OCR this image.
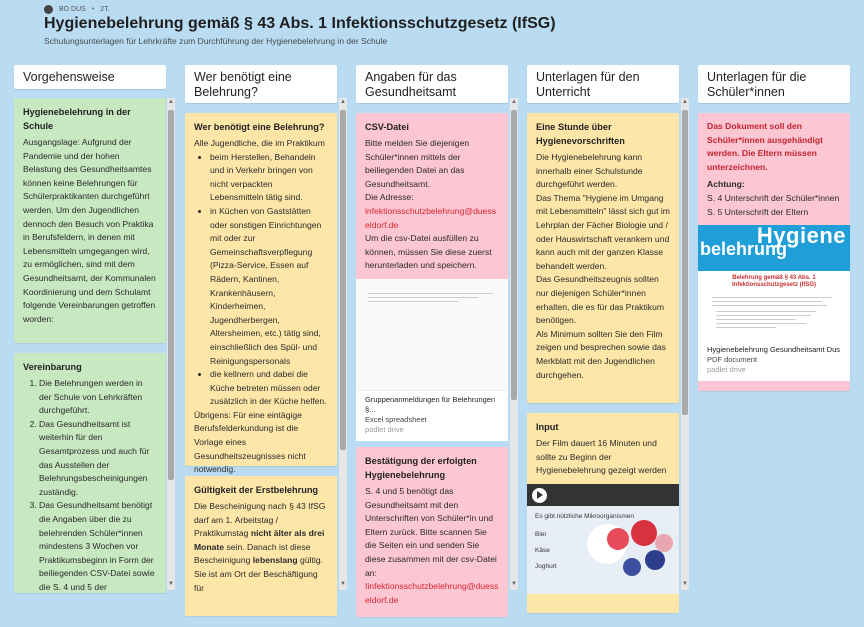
BO DUS • 2T.
Hygienebelehrung gemäß § 43 Abs. 1 Infektionsschutzgesetz (IfSG)
Schulungsunterlagen für Lehrkräfte zum Durchführung der Hygienebelehrung in der Schule
Vorgehensweise
Hygienebelehrung in der Schule

Ausgangslage: Aufgrund der Pandemie und der hohen Belastung des Gesundheitsamtes können keine Belehrungen für Schülerpraktikanten durchgeführt werden. Um den Jugendlichen dennoch den Besuch von Praktika in Berufsfeldern, in denen mit Lebensmitteln umgegangen wird, zu ermöglichen, sind mit dem Gesundheitsamt, der Kommunalen Koordinierung und dem Schulamt folgende Vereinbarungen getroffen worden:

Vereinbarung
1. Die Belehrungen werden in der Schule von Lehrkräften durchgeführt.
2. Das Gesundheitsamt ist weiterhin für den Gesamtprozess und auch für das Ausstellen der Belehrungsbescheinigungen zuständig.
3. Das Gesundheitsamt benötigt die Angaben über die zu belehrenden Schüler*innen mindestens 3 Wochen vor Praktikumsbeginn in Form der beiliegenden CSV-Datei sowie die S. 4 und 5 der
▲
▼
Wer benötigt eine Belehrung?
Wer benötigt eine Belehrung?

Alle Jugendliche, die im Praktikum

• beim Herstellen, Behandeln und in Verkehr bringen von nicht verpackten Lebensmitteln tätig sind.
• in Küchen von Gaststätten oder sonstigen Einrichtungen mit oder zur Gemeinschaftsverpflegung (Pizza-Service, Essen auf Rädern, Kantinen, Krankenhäusern, Kinderheimen, Jugendherbergen, Altersheimen, etc.) tätig sind, einschließlich des Spül- und Reinigungspersonals
• die kellnern und dabei die Küche betreten müssen oder zusätzlich in der Küche helfen.

Übrigens: Für eine eintägige Berufsfelderkundung ist die Vorlage eines Gesundheitszeugnisses nicht notwendig.

Gültigkeit der Erstbelehrung

Die Bescheinigung nach § 43 IfSG darf am 1. Arbeitstag / Praktikumstag nicht älter als drei Monate sein. Danach ist diese Bescheinigung lebenslang gültig. Sie ist am Ort der Beschäftigung für

▲
▼
Angaben für das Gesundheitsamt
CSV-Datei

Bitte melden Sie diejenigen Schüler*innen mittels der beiliegenden Datei an das Gesundheitsamt.

Die Adresse:

infektionsschutzbelehrung@duesseldorf.de

Um die csv-Datei ausfüllen zu können, müssen Sie diese zuerst herunterladen und speichern.

Gruppenanmeldungen für Belehrungen §...
Excel spreadsheet
padlet drive
Bestätigung der erfolgten Hygienebelehrung

S. 4 und 5 benötigt das Gesundheitsamt mit den Unterschriften von Schüler*in und Eltern zurück. Bitte scannen Sie die Seiten ein und senden Sie diese zusammen mit der csv-Datei an:

Iinfektionsschutzbelehrung@duesseldorf.de

▲
▼
Unterlagen für den Unterricht
Eine Stunde über Hygienevorschriften

Die Hygienebelehrung kann innerhalb einer Schulstunde durchgeführt werden.

Das Thema "Hygiene im Umgang mit Lebensmitteln" lässt sich gut im Lehrplan der Fächer Biologie und / oder Hauswirtschaft verankern und kann auch mit der ganzen Klasse behandelt werden.

Das Gesundheitszeugnis sollten nur diejenigen Schüler*innen erhalten, die es für das Praktikum benötigen.

Als Minimum sollten Sie den Film zeigen und besprechen sowie das Merkblatt mit den Jugendlichen durchgehen.

Input

Der Film dauert 16 Minuten und sollte zu Beginn der Hygienebelehrung gezeigt werden

Es gibt nützliche Mikroorganismen
Bier
Käse
Joghurt
▲
▼
Unterlagen für die Schüler*innen

Das Dokument soll den Schüler*innen ausgehändigt werden. Die Eltern müssen unterzeichnen.

Achtung:

S. 4 Unterschrift der Schüler*innen

S. 5 Unterschrift der Eltern

Hygiene
belehrung
Belehrung gemäß § 43 Abs. 1 Infektionsschutzgesetz (IfSG)
Hygienebelehrung Gesundheitsamt Dus
PDF document
padlet drive
